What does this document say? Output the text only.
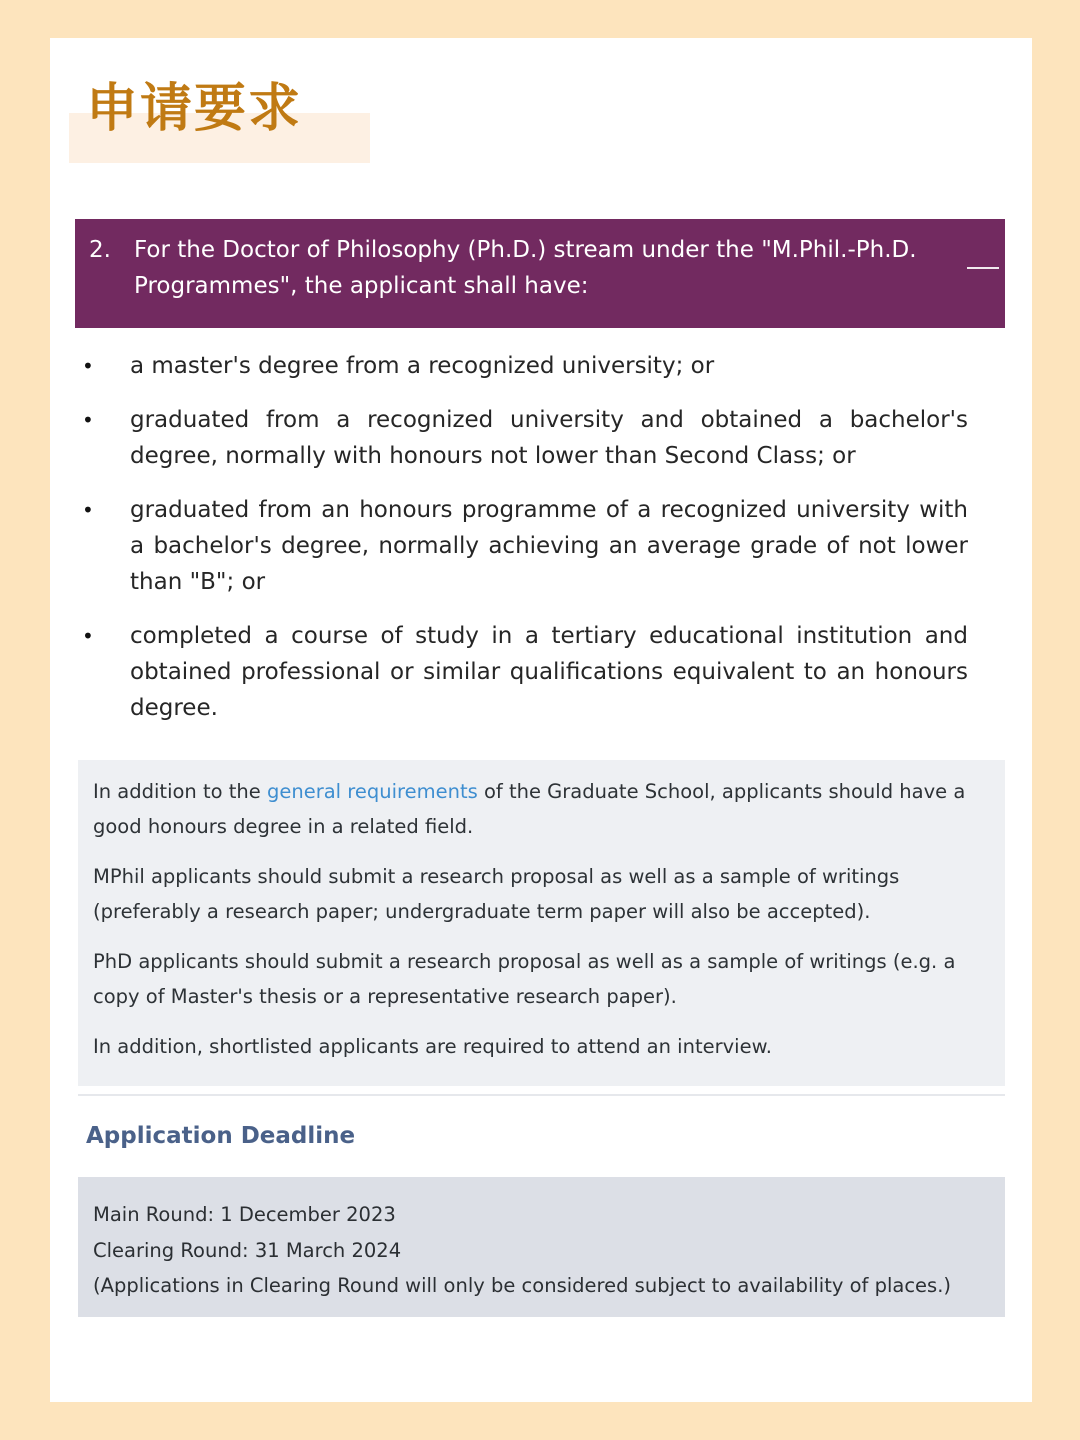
申请要求
2. For the Doctor of Philosophy (Ph.D.) stream under the "M.Phil.-Ph.D. Programmes", the applicant shall have:
• a master's degree from a recognized university; or
• graduated from a recognized university and obtained a bachelor's degree, normally with honours not lower than Second Class; or
• graduated from an honours programme of a recognized university with a bachelor's degree, normally achieving an average grade of not lower than "B"; or
• completed a course of study in a tertiary educational institution and obtained professional or similar qualifications equivalent to an honours degree.

In addition to the general requirements of the Graduate School, applicants should have a good honours degree in a related field.

MPhil applicants should submit a research proposal as well as a sample of writings (preferably a research paper; undergraduate term paper will also be accepted).

PhD applicants should submit a research proposal as well as a sample of writings (e.g. a copy of Master's thesis or a representative research paper).

In addition, shortlisted applicants are required to attend an interview.

Application Deadline
Main Round: 1 December 2023
Clearing Round: 31 March 2024
(Applications in Clearing Round will only be considered subject to availability of places.)
